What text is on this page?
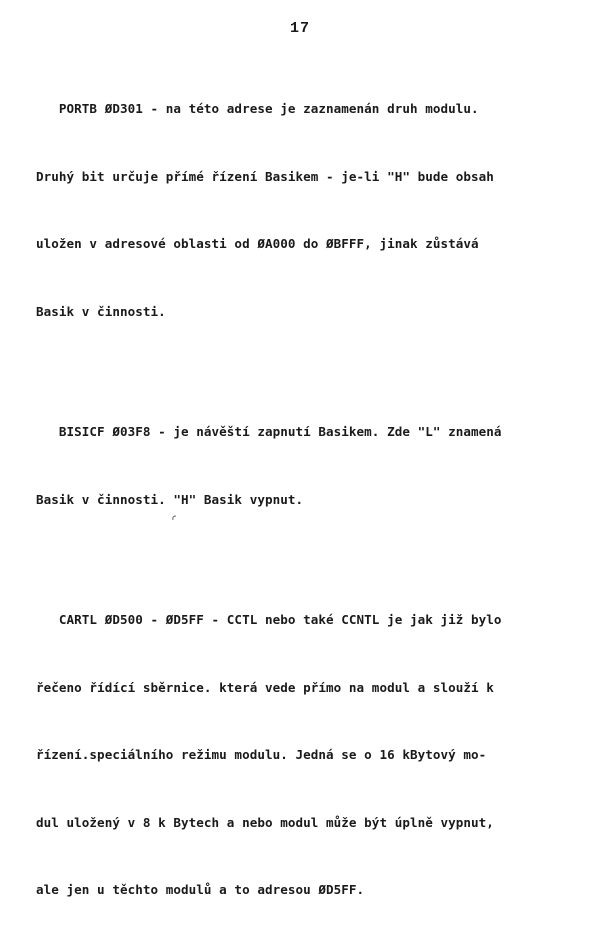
17

PORTB ØD301 - na této adrese je zaznamenán druh modulu.

Druhý bit určuje přímé řízení Basikem - je-li "H" bude obsah

uložen v adresové oblasti od ØA000 do ØBFFF, jinak zůstává

Basik v činnosti.

BISICF Ø03F8 - je návěští zapnutí Basikem. Zde "L" znamená

Basik v činnosti. "H" Basik vypnut.

CARTL ØD500 - ØD5FF - CCTL nebo také CCNTL je jak již bylo

řečeno řídící sběrnice. která vede přímo na modul a slouží k

řízení.speciálního režimu modulu. Jedná se o 16 kBytový mo-

dul uložený v 8 k Bytech a nebo modul může být úplně vypnut,

ale jen u těchto modulů a to adresou ØD5FF.
